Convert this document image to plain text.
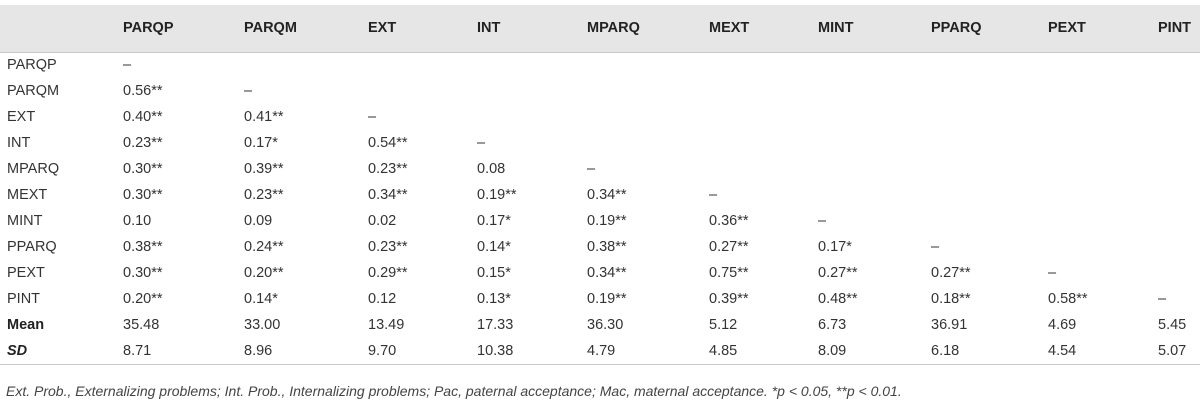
	PARQP	PARQM	EXT	INT	MPARQ	MEXT	MINT	PPARQ	PEXT	PINT
PARQP	–									
PARQM	0.56**	–								
EXT	0.40**	0.41**	–							
INT	0.23**	0.17*	0.54**	–						
MPARQ	0.30**	0.39**	0.23**	0.08	–					
MEXT	0.30**	0.23**	0.34**	0.19**	0.34**	–				
MINT	0.10	0.09	0.02	0.17*	0.19**	0.36**	–			
PPARQ	0.38**	0.24**	0.23**	0.14*	0.38**	0.27**	0.17*	–		
PEXT	0.30**	0.20**	0.29**	0.15*	0.34**	0.75**	0.27**	0.27**	–	
PINT	0.20**	0.14*	0.12	0.13*	0.19**	0.39**	0.48**	0.18**	0.58**	–
Mean	35.48	33.00	13.49	17.33	36.30	5.12	6.73	36.91	4.69	5.45
SD	8.71	8.96	9.70	10.38	4.79	4.85	8.09	6.18	4.54	5.07
Ext. Prob., Externalizing problems; Int. Prob., Internalizing problems; Pac, paternal acceptance; Mac, maternal acceptance. *p < 0.05, **p < 0.01.
